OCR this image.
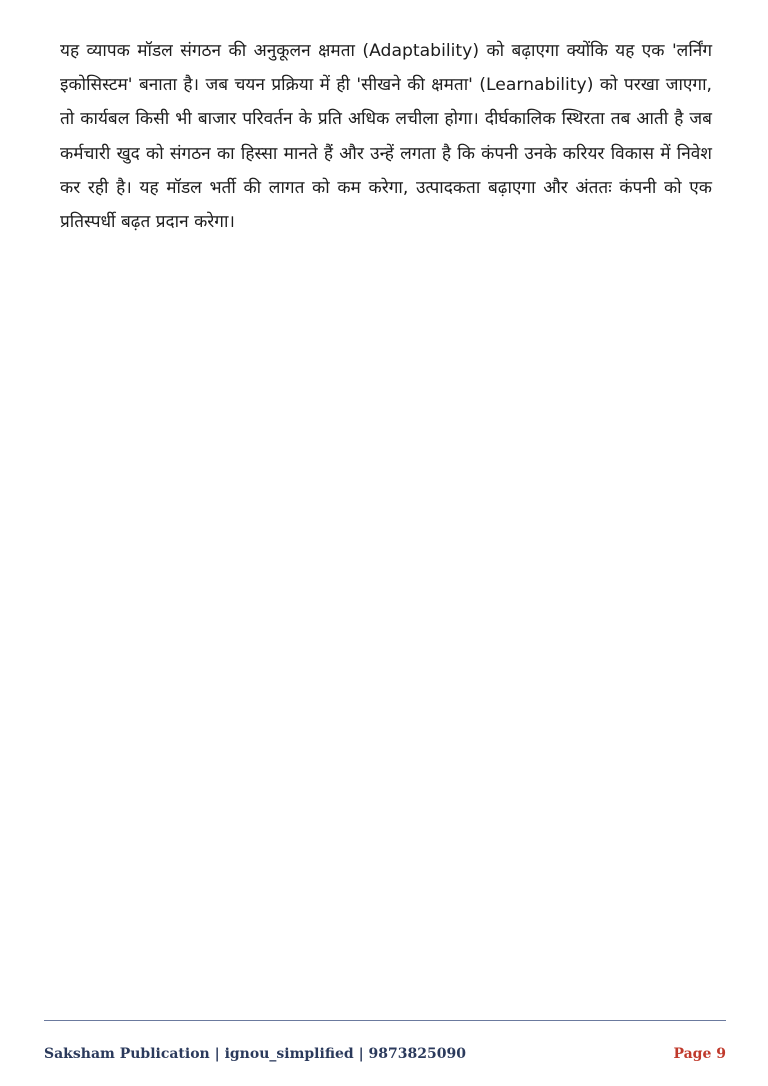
यह व्यापक मॉडल संगठन की अनुकूलन क्षमता (Adaptability) को बढ़ाएगा क्योंकि यह एक 'लर्निंग इकोसिस्टम' बनाता है। जब चयन प्रक्रिया में ही 'सीखने की क्षमता' (Learnability) को परखा जाएगा, तो कार्यबल किसी भी बाजार परिवर्तन के प्रति अधिक लचीला होगा। दीर्घकालिक स्थिरता तब आती है जब कर्मचारी खुद को संगठन का हिस्सा मानते हैं और उन्हें लगता है कि कंपनी उनके करियर विकास में निवेश कर रही है। यह मॉडल भर्ती की लागत को कम करेगा, उत्पादकता बढ़ाएगा और अंततः कंपनी को एक प्रतिस्पर्धी बढ़त प्रदान करेगा।

Saksham Publication | ignou_simplified | 9873825090	Page 9
